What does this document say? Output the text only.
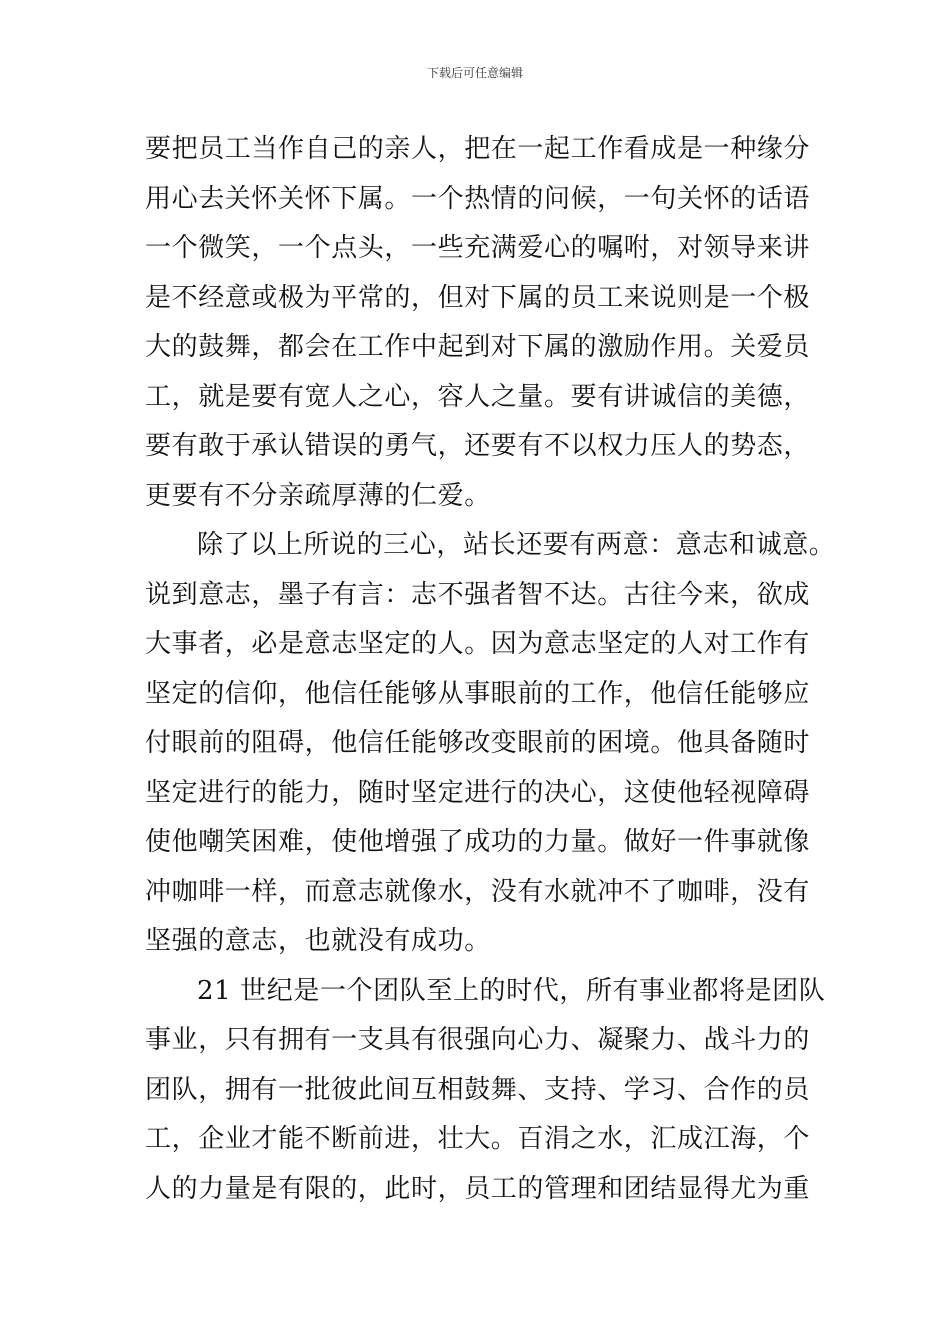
下载后可任意编辑
要把员工当作自己的亲人，把在一起工作看成是一种缘分
用心去关怀关怀下属。一个热情的问候，一句关怀的话语
一个微笑，一个点头，一些充满爱心的嘱咐，对领导来讲
是不经意或极为平常的，但对下属的员工来说则是一个极
大的鼓舞，都会在工作中起到对下属的激励作用。关爱员
工，就是要有宽人之心，容人之量。要有讲诚信的美德，
要有敢于承认错误的勇气，还要有不以权力压人的势态，
更要有不分亲疏厚薄的仁爱。
除了以上所说的三心，站长还要有两意：意志和诚意。
说到意志，墨子有言：志不强者智不达。古往今来，欲成
大事者，必是意志坚定的人。因为意志坚定的人对工作有
坚定的信仰，他信任能够从事眼前的工作，他信任能够应
付眼前的阻碍，他信任能够改变眼前的困境。他具备随时
坚定进行的能力，随时坚定进行的决心，这使他轻视障碍
使他嘲笑困难，使他增强了成功的力量。做好一件事就像
冲咖啡一样，而意志就像水，没有水就冲不了咖啡，没有
坚强的意志，也就没有成功。
21 世纪是一个团队至上的时代，所有事业都将是团队
事业，只有拥有一支具有很强向心力、凝聚力、战斗力的
团队，拥有一批彼此间互相鼓舞、支持、学习、合作的员
工，企业才能不断前进，壮大。百涓之水，汇成江海，个
人的力量是有限的，此时，员工的管理和团结显得尤为重
